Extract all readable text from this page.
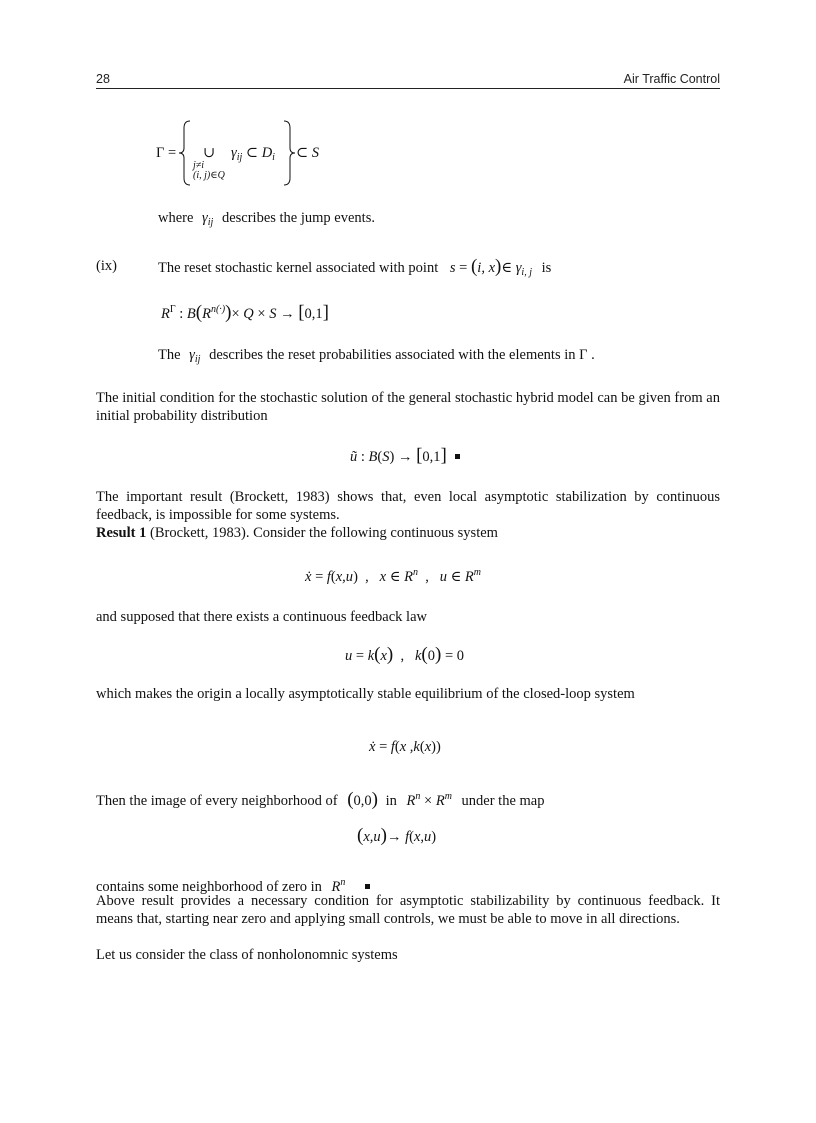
28	Air Traffic Control
Γ = ∪
j≠i
(i, j)∈Q
$\gamma_{ij}$ ⊂ $D_i$ ⊂ S
where $\gamma_{ij}$ describes the jump events.
(ix)	The reset stochastic kernel associated with point s = (i, x)∈ $\gamma_{i, j}$ is
$R^\Gamma$ : $B(R^{n(\cdot)})\times Q \times S \to [0,1]$
The $\gamma_{ij}$ describes the reset probabilities associated with the elements in Γ .
The initial condition for the stochastic solution of the general stochastic hybrid model can be given from an initial probability distribution
ũ : B(S) → [0,1]
The important result (Brockett, 1983) shows that, even local asymptotic stabilization by continuous feedback, is impossible for some systems.
Result 1 (Brockett, 1983). Consider the following continuous system
ẋ = f(x,u) ,   x ∈ $R^n$ ,   u ∈ $R^m$
and supposed that there exists a continuous feedback law
u = k(x) ,   k(0) = 0
which makes the origin a locally asymptotically stable equilibrium of the closed-loop system
ẋ = f(x ,k(x))
Then the image of every neighborhood of (0,0) in $R^n \times R^m$ under the map
(x,u)→ f(x,u)
contains some neighborhood of zero in $R^n$
Above result provides a necessary condition for asymptotic stabilizability by continuous feedback. It means that, starting near zero and applying small controls, we must be able to move in all directions.
Let us consider the class of nonholonomnic systems
